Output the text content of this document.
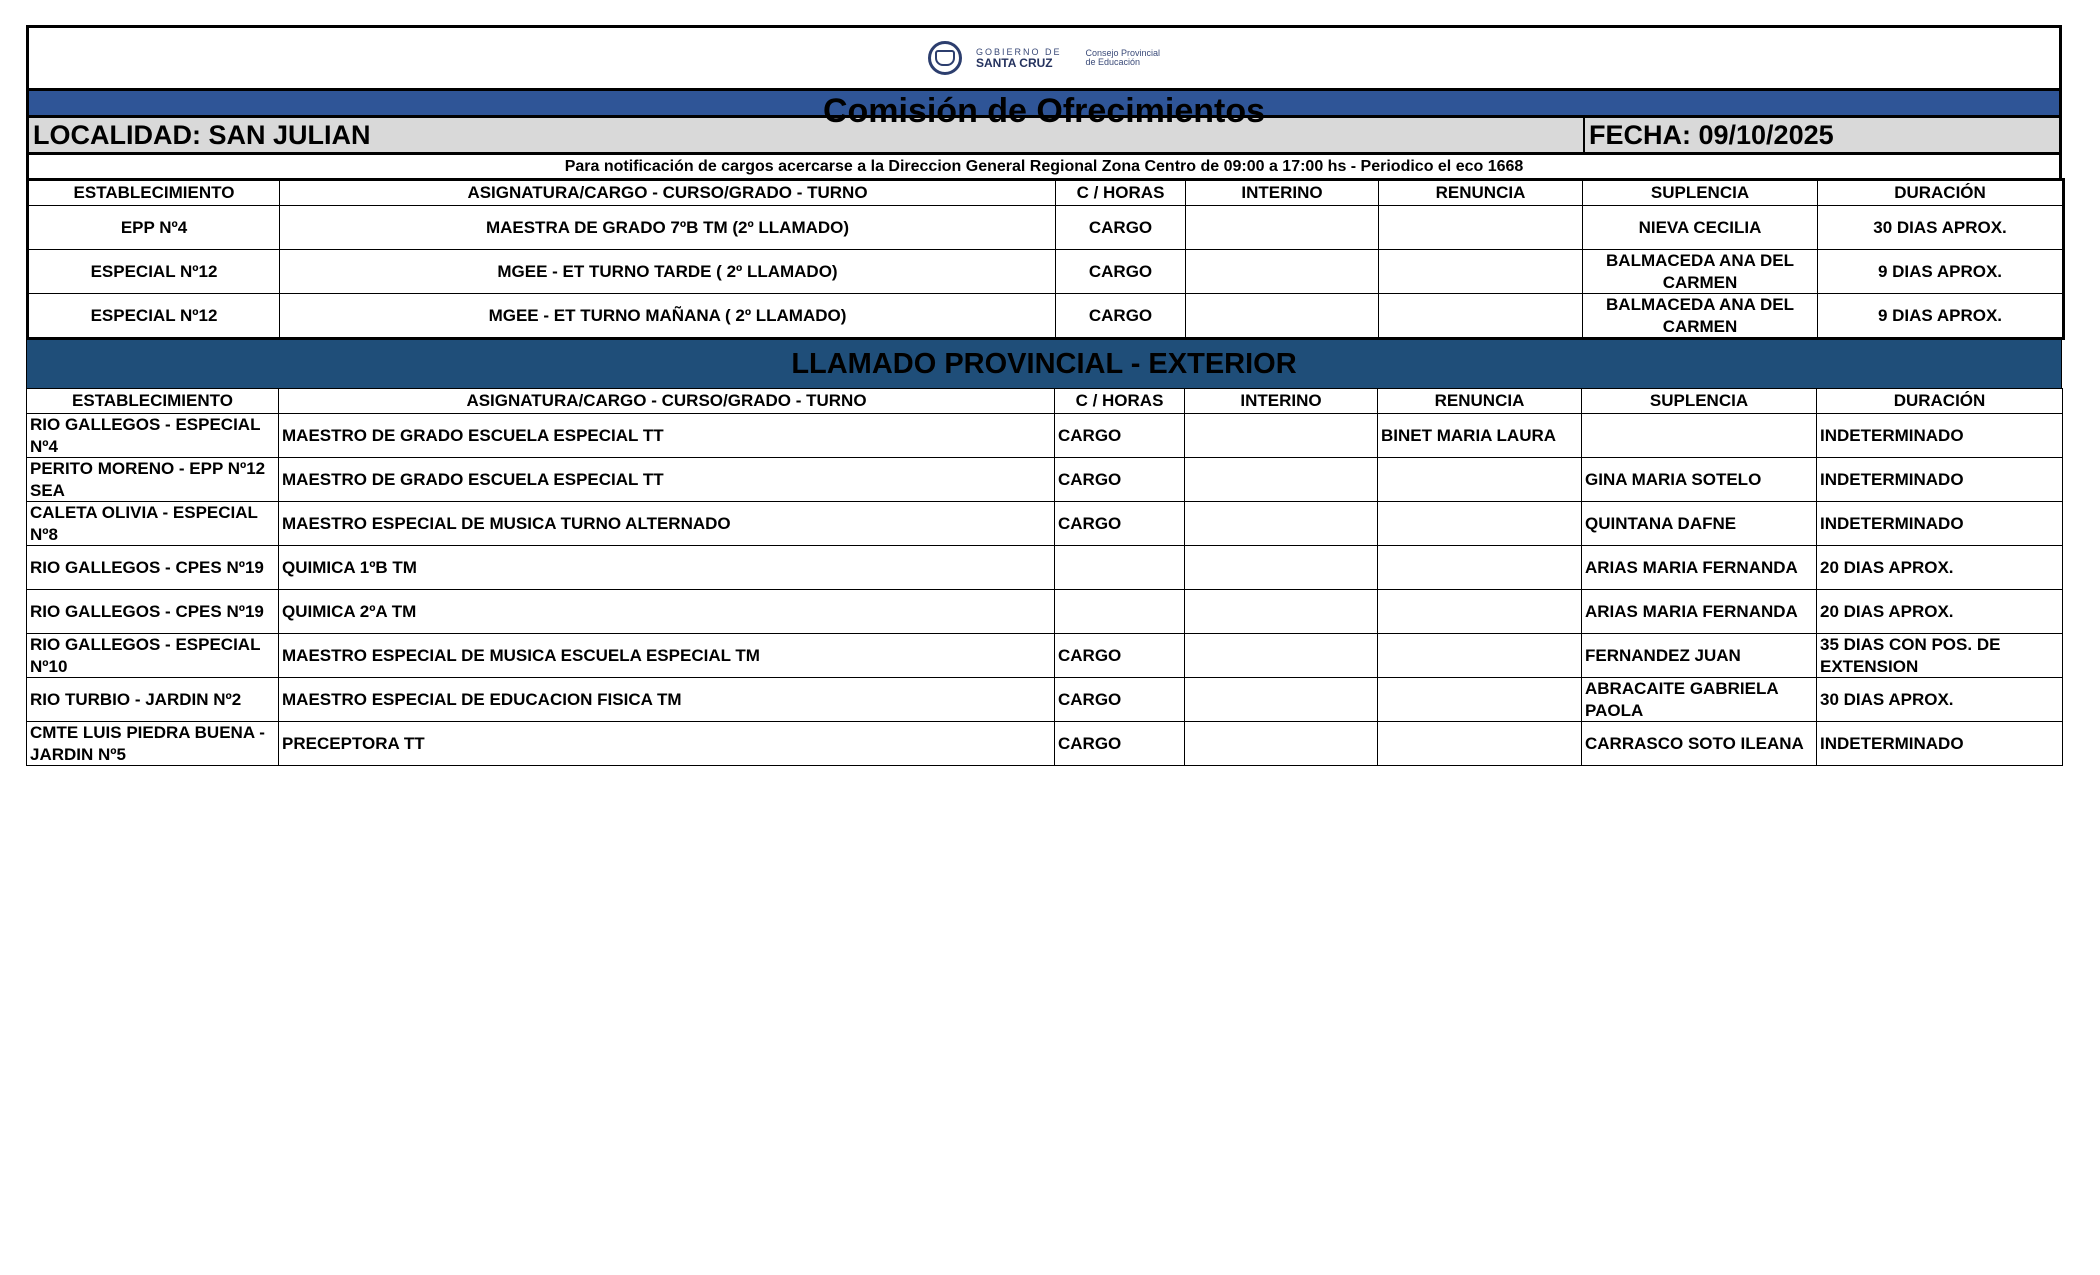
GOBIERNO DE
SANTA CRUZ
Consejo Provincial
de Educación
Comisión de Ofrecimientos
LOCALIDAD: SAN JULIAN	FECHA: 09/10/2025
Para notificación de cargos acercarse a la Direccion General Regional Zona Centro de 09:00 a 17:00 hs - Periodico el eco 1668
ESTABLECIMIENTO	ASIGNATURA/CARGO - CURSO/GRADO - TURNO	C / HORAS	INTERINO	RENUNCIA	SUPLENCIA	DURACIÓN
EPP Nº4	MAESTRA DE GRADO 7ºB TM (2º LLAMADO)	CARGO			NIEVA CECILIA	30 DIAS APROX.
ESPECIAL Nº12	MGEE - ET TURNO TARDE ( 2º LLAMADO)	CARGO			BALMACEDA ANA DEL CARMEN	9 DIAS APROX.
ESPECIAL Nº12	MGEE - ET TURNO MAÑANA ( 2º LLAMADO)	CARGO			BALMACEDA ANA DEL CARMEN	9 DIAS APROX.
LLAMADO PROVINCIAL - EXTERIOR
ESTABLECIMIENTO	ASIGNATURA/CARGO - CURSO/GRADO - TURNO	C / HORAS	INTERINO	RENUNCIA	SUPLENCIA	DURACIÓN
RIO GALLEGOS - ESPECIAL Nº4	MAESTRO DE GRADO ESCUELA ESPECIAL TT	CARGO		BINET MARIA LAURA		INDETERMINADO
PERITO MORENO - EPP Nº12 SEA	MAESTRO DE GRADO ESCUELA ESPECIAL TT	CARGO			GINA MARIA SOTELO	INDETERMINADO
CALETA OLIVIA - ESPECIAL Nº8	MAESTRO ESPECIAL DE MUSICA TURNO ALTERNADO	CARGO			QUINTANA DAFNE	INDETERMINADO
RIO GALLEGOS - CPES Nº19	QUIMICA 1ºB TM				ARIAS MARIA FERNANDA	20 DIAS APROX.
RIO GALLEGOS - CPES Nº19	QUIMICA 2ºA TM				ARIAS MARIA FERNANDA	20 DIAS APROX.
RIO GALLEGOS - ESPECIAL Nº10	MAESTRO ESPECIAL DE MUSICA ESCUELA ESPECIAL TM	CARGO			FERNANDEZ JUAN	35 DIAS CON POS. DE EXTENSION
RIO TURBIO - JARDIN Nº2	MAESTRO ESPECIAL DE EDUCACION FISICA TM	CARGO			ABRACAITE GABRIELA PAOLA	30 DIAS APROX.
CMTE LUIS PIEDRA BUENA - JARDIN Nº5	PRECEPTORA TT	CARGO			CARRASCO SOTO ILEANA	INDETERMINADO
